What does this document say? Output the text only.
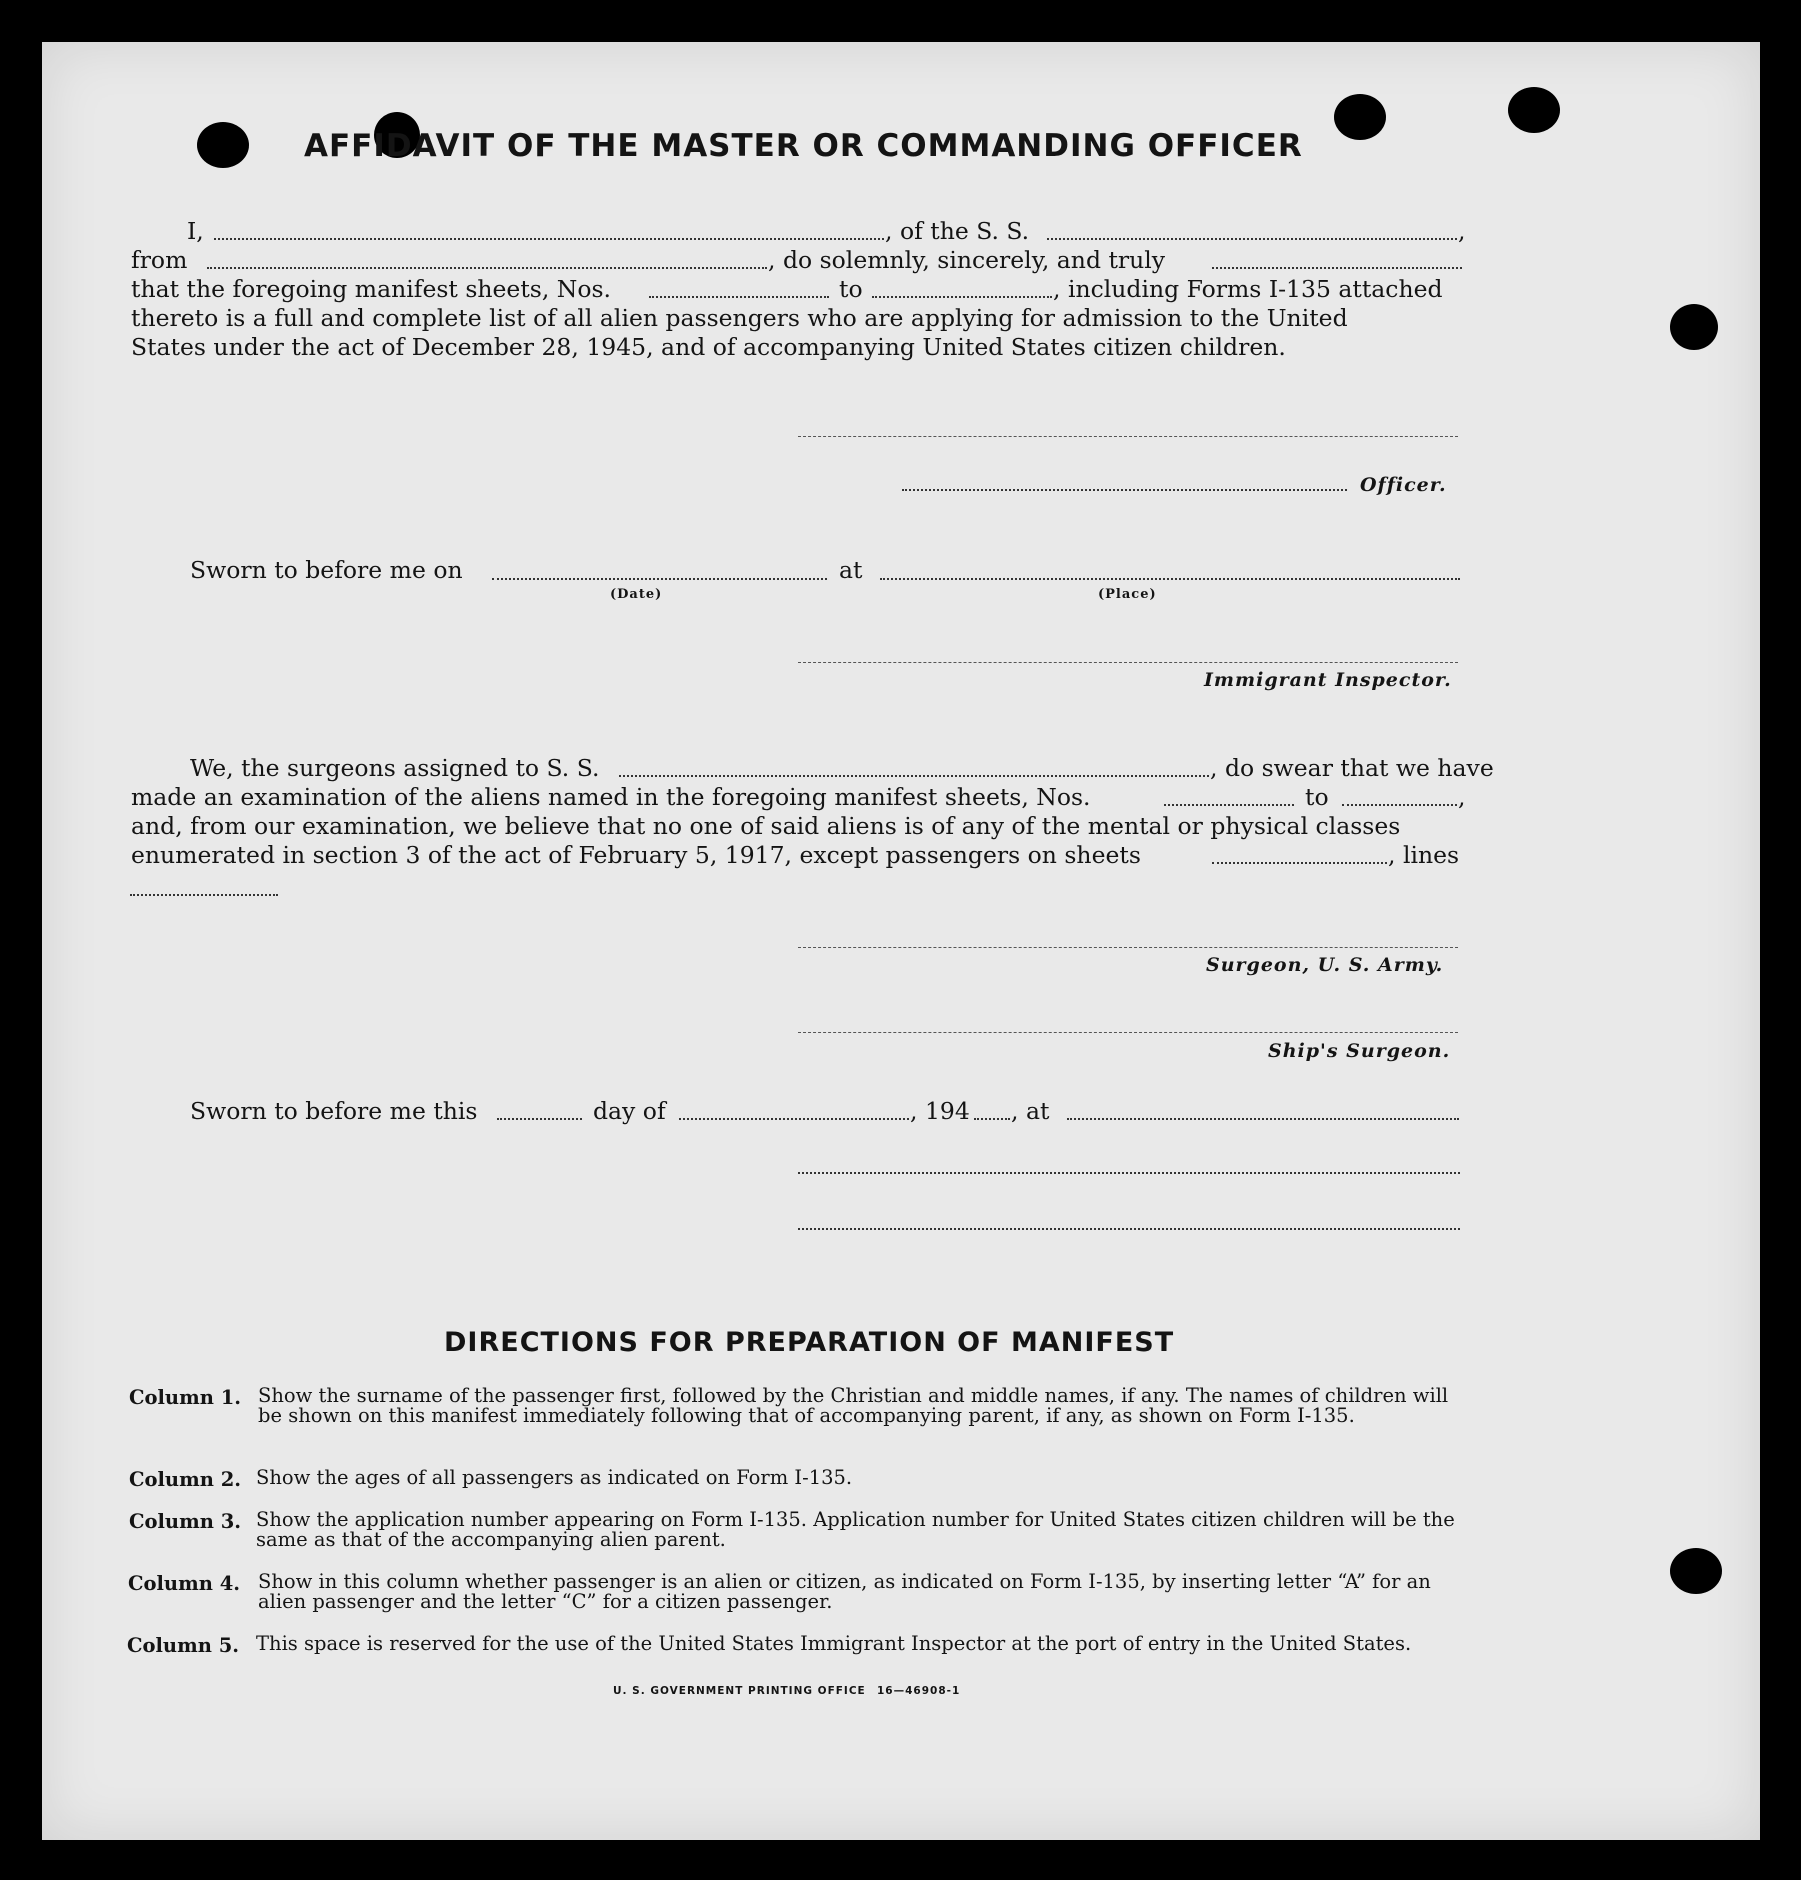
AFFIDAVIT OF THE MASTER OR COMMANDING OFFICER
I,	, of the S. S.	,
from	, do solemnly, sincerely, and truly
that the foregoing manifest sheets, Nos.	to	, including Forms I-135 attached
thereto is a full and complete list of all alien passengers who are applying for admission to the United
States under the act of December 28, 1945, and of accompanying United States citizen children.
Officer.
Sworn to before me on
(Date)
at
(Place)
Immigrant Inspector.
We, the surgeons assigned to S. S.	, do swear that we have
made an examination of the aliens named in the foregoing manifest sheets, Nos.	to	,
and, from our examination, we believe that no one of said aliens is of any of the mental or physical classes
enumerated in section 3 of the act of February 5, 1917, except passengers on sheets	, lines
Surgeon, U. S. Army.
Ship's Surgeon.
Sworn to before me this	day of	, 194 , at
DIRECTIONS FOR PREPARATION OF MANIFEST
Column 1. Show the surname of the passenger first, followed by the Christian and middle names, if any. The names of children will be shown on this manifest immediately following that of accompanying parent, if any, as shown on Form I-135.
Column 2. Show the ages of all passengers as indicated on Form I-135.
Column 3. Show the application number appearing on Form I-135. Application number for United States citizen children will be the same as that of the accompanying alien parent.
Column 4. Show in this column whether passenger is an alien or citizen, as indicated on Form I-135, by inserting letter “A” for an alien passenger and the letter “C” for a citizen passenger.
Column 5. This space is reserved for the use of the United States Immigrant Inspector at the port of entry in the United States.
U. S. GOVERNMENT PRINTING OFFICE 16—46908-1
